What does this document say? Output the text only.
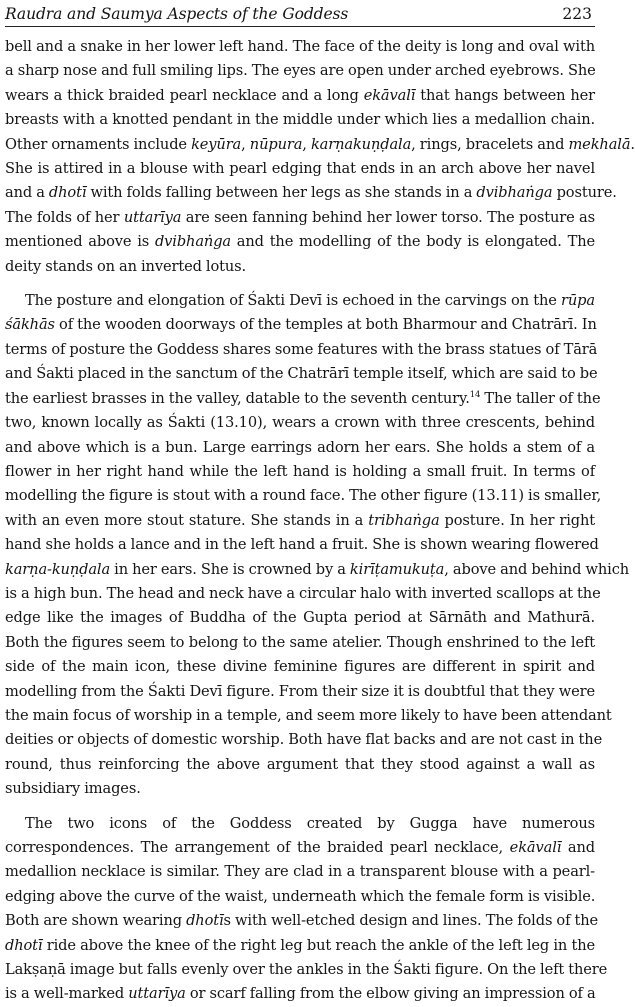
Raudra and Saumya Aspects of the Goddess	223

bell and a snake in her lower left hand. The face of the deity is long and oval with

a sharp nose and full smiling lips. The eyes are open under arched eyebrows. She

wears a thick braided pearl necklace and a long ekāvalī that hangs between her

breasts with a knotted pendant in the middle under which lies a medallion chain.

Other ornaments include keyūra, nūpura, karṇakuṇḍala, rings, bracelets and mekhalā.

She is attired in a blouse with pearl edging that ends in an arch above her navel

and a dhotī with folds falling between her legs as she stands in a dvibhaṅga posture.

The folds of her uttarīya are seen fanning behind her lower torso. The posture as

mentioned above is dvibhaṅga and the modelling of the body is elongated. The

deity stands on an inverted lotus.

The posture and elongation of Śakti Devī is echoed in the carvings on the rūpa

śākhās of the wooden doorways of the temples at both Bharmour and Chatrārī. In

terms of posture the Goddess shares some features with the brass statues of Tārā

and Śakti placed in the sanctum of the Chatrārī temple itself, which are said to be

the earliest brasses in the valley, datable to the seventh century.$^{14}$ The taller of the

two, known locally as Śakti (13.10), wears a crown with three crescents, behind

and above which is a bun. Large earrings adorn her ears. She holds a stem of a

flower in her right hand while the left hand is holding a small fruit. In terms of

modelling the figure is stout with a round face. The other figure (13.11) is smaller,

with an even more stout stature. She stands in a tribhaṅga posture. In her right

hand she holds a lance and in the left hand a fruit. She is shown wearing flowered

karṇa-kuṇḍala in her ears. She is crowned by a kirīṭamukuṭa, above and behind which

is a high bun. The head and neck have a circular halo with inverted scallops at the

edge like the images of Buddha of the Gupta period at Sārnāth and Mathurā.

Both the figures seem to belong to the same atelier. Though enshrined to the left

side of the main icon, these divine feminine figures are different in spirit and

modelling from the Śakti Devī figure. From their size it is doubtful that they were

the main focus of worship in a temple, and seem more likely to have been attendant

deities or objects of domestic worship. Both have flat backs and are not cast in the

round, thus reinforcing the above argument that they stood against a wall as

subsidiary images.

The two icons of the Goddess created by Gugga have numerous

correspondences. The arrangement of the braided pearl necklace, ekāvalī and

medallion necklace is similar. They are clad in a transparent blouse with a pearl-

edging above the curve of the waist, underneath which the female form is visible.

Both are shown wearing dhotīs with well-etched design and lines. The folds of the

dhotī ride above the knee of the right leg but reach the ankle of the left leg in the

Lakṣaṇā image but falls evenly over the ankles in the Śakti figure. On the left there

is a well-marked uttarīya or scarf falling from the elbow giving an impression of a
